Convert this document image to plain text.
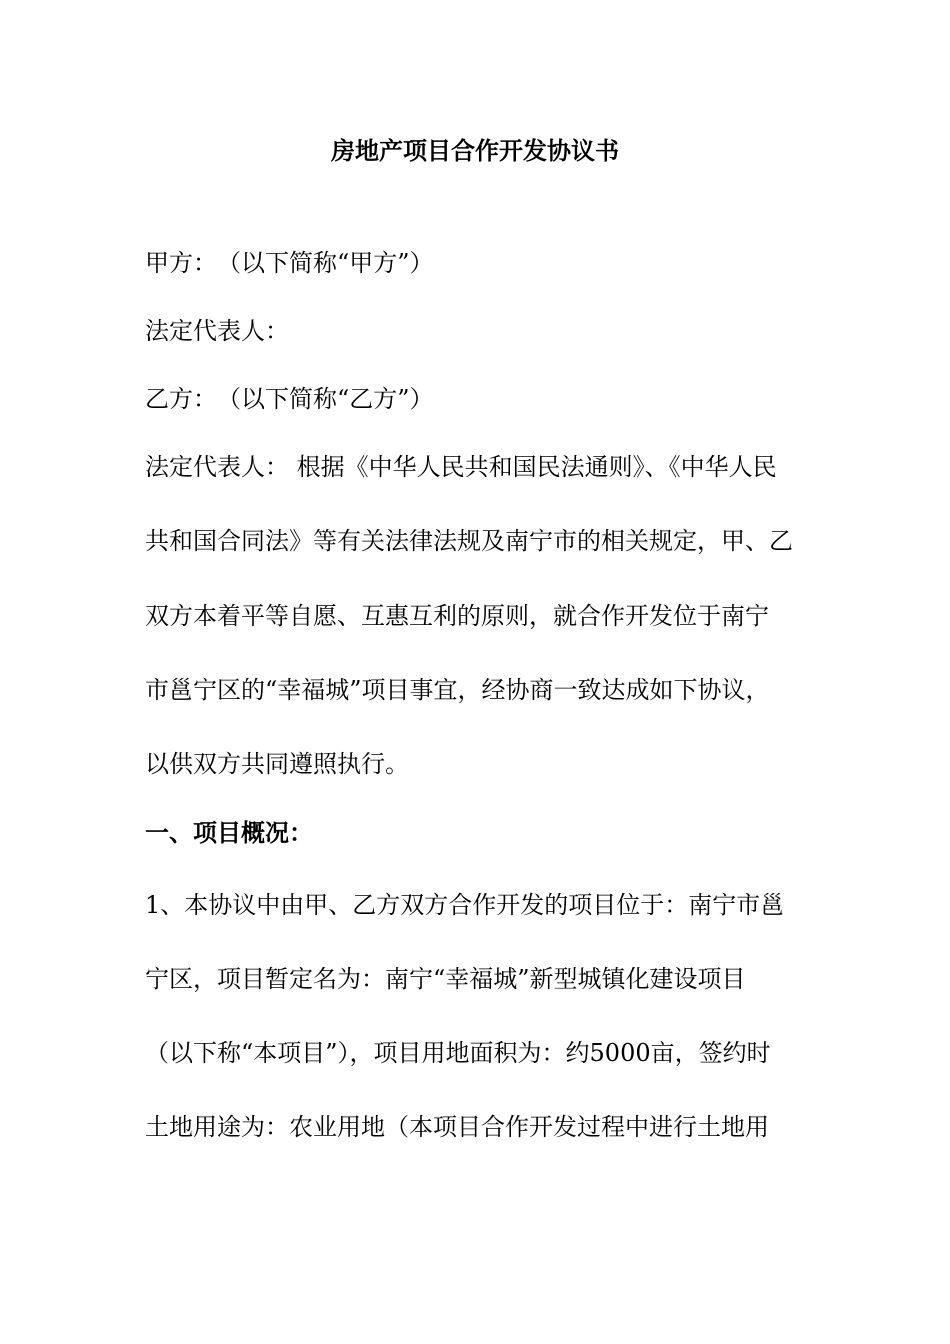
房地产项目合作开发协议书
甲方：　（以下简称“甲方”）
法定代表人：
乙方：　（以下简称“乙方”）
法定代表人： 根据《中华人民共和国民法通则》、《中华人民
共和国合同法》等有关法律法规及南宁市的相关规定，甲、乙
双方本着平等自愿、互惠互利的原则，就合作开发位于南宁
市邕宁区的“幸福城”项目事宜，经协商一致达成如下协议，
以供双方共同遵照执行。
一、项目概况：
1、本协议中由甲、乙方双方合作开发的项目位于：南宁市邕
宁区，项目暂定名为：南宁“幸福城”新型城镇化建设项目
（以下称“本项目”），项目用地面积为：约5000亩，签约时
土地用途为：农业用地（本项目合作开发过程中进行土地用
